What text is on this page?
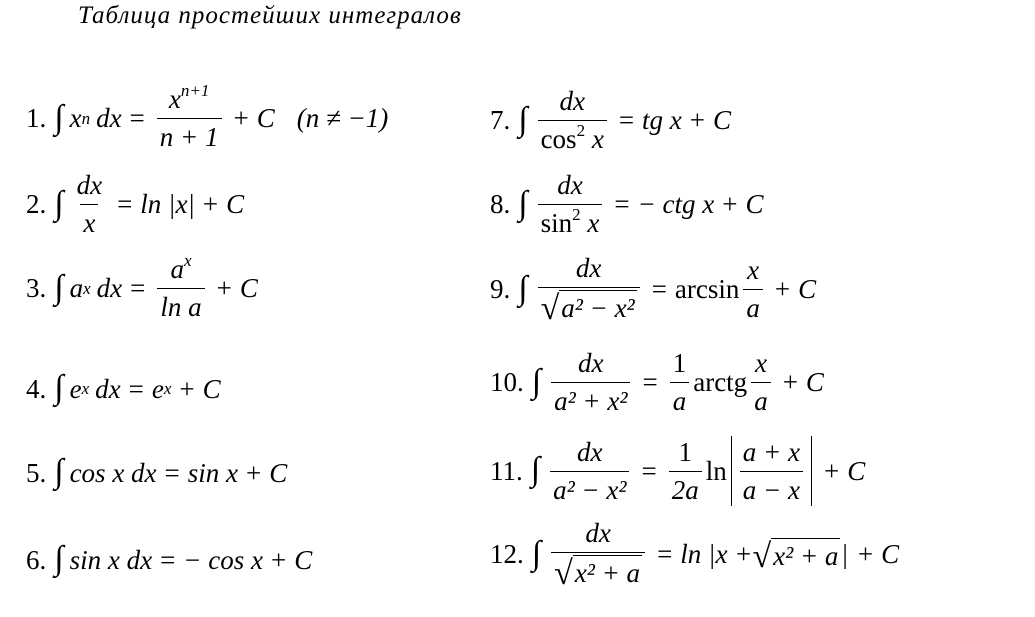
Таблица простейших интегралов
1. ∫ x n dx = $\frac{x^{n+1}}{n + 1} + C$ (n ≠ −1)
2. ∫ $\frac{dx}{x} = \ln |x| + C$
3. ∫ a x dx = $\frac{a^x}{\text{ln a}} + C$
4. ∫ e x dx = e x + C
5. ∫ cos x dx = sin x + C
6. ∫ sin x dx = − cos x + C
7. ∫ $\frac{dx}{\cos^2 x}$ = tg x + C
8. ∫ $\frac{dx}{\sin^2 x}$ = − ctg x + C
9. ∫ $\frac{dx}{\text{√ a² − x²}} = \arcsin \frac{x}{a} + C$
10. ∫ $\frac{dx}{\text{a² + x²}} = \frac{1}{a}$ arctg $\frac{x}{a} + C$
11. ∫ $\frac{dx}{\text{a² − x²}} = \frac{1}{2a}$ $\ln \frac{a + x}{a - x} + C$
12. ∫ $\frac{dx}{\text{√ x² + a}} = \ln |x$ + √ x² + a | + C
